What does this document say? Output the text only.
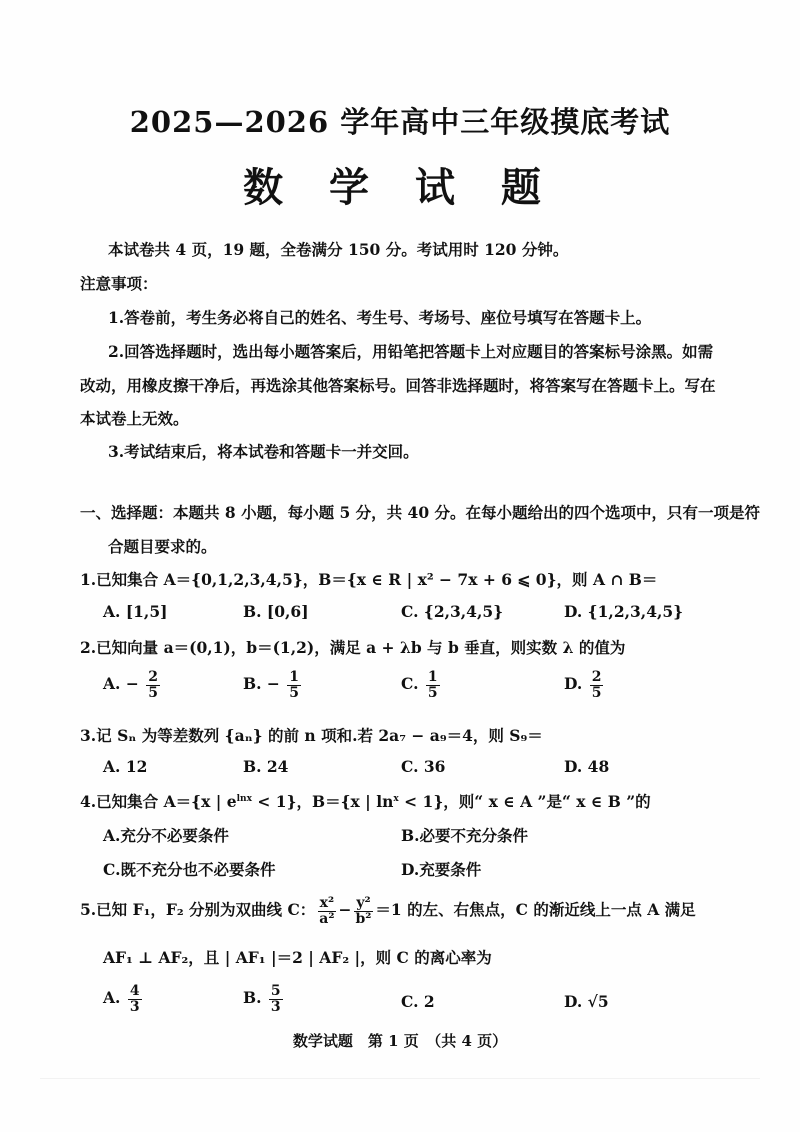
2025—2026 学年高中三年级摸底考试
数 学 试 题
本试卷共 4 页，19 题，全卷满分 150 分。考试用时 120 分钟。
注意事项：
1.答卷前，考生务必将自己的姓名、考生号、考场号、座位号填写在答题卡上。
2.回答选择题时，选出每小题答案后，用铅笔把答题卡上对应题目的答案标号涂黑。如需
改动，用橡皮擦干净后，再选涂其他答案标号。回答非选择题时，将答案写在答题卡上。写在
本试卷上无效。
3.考试结束后，将本试卷和答题卡一并交回。
一、选择题：本题共 8 小题，每小题 5 分，共 40 分。在每小题给出的四个选项中，只有一项是符
合题目要求的。
1.已知集合 A＝{0,1,2,3,4,5}，B＝{x ∈ R | x² − 7x + 6 ⩽ 0}，则 A ∩ B＝
A. [1,5]	B. [0,6]	C. {2,3,4,5}	D. {1,2,3,4,5}
2.已知向量 a＝(0,1)，b＝(1,2)，满足 a + λb 与 b 垂直，则实数 λ 的值为
A. − $\frac{2}{5}$	B. − $\frac{1}{5}$	C. $\frac{1}{5}$	D. $\frac{2}{5}$
3.记 Sₙ 为等差数列 {aₙ} 的前 n 项和.若 2a₇ − a₉＝4，则 S₉＝
A. 12	B. 24	C. 36	D. 48
4.已知集合 A＝{x | $e^{lnx} < 1$}，B＝{x | $\ln^x < 1$}，则“ x ∈ A ”是“ x ∈ B ”的
A.充分不必要条件	B.必要不充分条件
C.既不充分也不必要条件	D.充要条件
5.已知 F₁，F₂ 分别为双曲线 C： $\frac{\text{x²}}{\text{a²}} - \frac{\text{y²}}{\text{b²}} =1$ 的左、右焦点，C 的渐近线上一点 A 满足
AF₁ ⊥ AF₂，且 | AF₁ |＝2 | AF₂ |，则 C 的离心率为
A. $\frac{4}{3}$	B. $\frac{5}{3}$	C. 2	D. √5
数学试题　第 1 页　（共 4 页）
